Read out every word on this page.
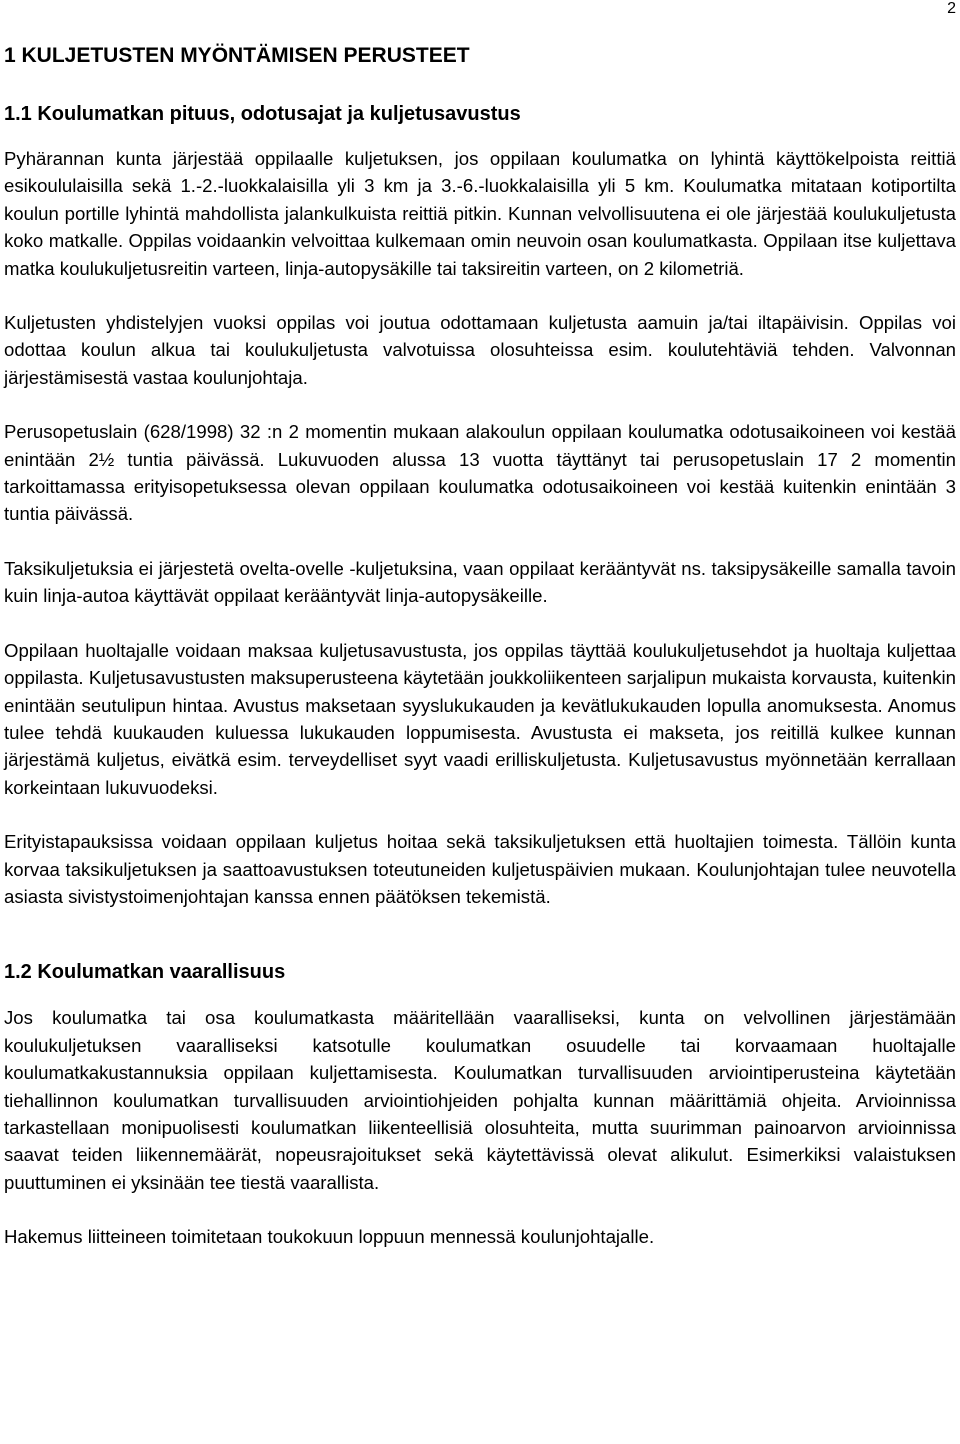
2
1 KULJETUSTEN MYÖNTÄMISEN PERUSTEET
1.1 Koulumatkan pituus, odotusajat ja kuljetusavustus

Pyhärannan kunta järjestää oppilaalle kuljetuksen, jos oppilaan koulumatka on lyhintä käyttökelpoista reittiä esikoululaisilla sekä 1.-2.-luokkalaisilla yli 3 km ja 3.-6.-luokkalaisilla yli 5 km. Koulumatka mitataan kotiportilta koulun portille lyhintä mahdollista jalankulkuista reittiä pitkin. Kunnan velvollisuutena ei ole järjestää koulukuljetusta koko matkalle. Oppilas voidaankin velvoittaa kulkemaan omin neuvoin osan koulumatkasta. Oppilaan itse kuljettava matka koulukuljetusreitin varteen, linja-autopysäkille tai taksireitin varteen, on 2 kilometriä.

Kuljetusten yhdistelyjen vuoksi oppilas voi joutua odottamaan kuljetusta aamuin ja/tai iltapäivisin. Oppilas voi odottaa koulun alkua tai koulukuljetusta valvotuissa olosuhteissa esim. koulutehtäviä tehden. Valvonnan järjestämisestä vastaa koulunjohtaja.

Perusopetuslain (628/1998) 32 :n 2 momentin mukaan alakoulun oppilaan koulumatka odotusaikoineen voi kestää enintään 2½ tuntia päivässä. Lukuvuoden alussa 13 vuotta täyttänyt tai perusopetuslain 17 2 momentin tarkoittamassa erityisopetuksessa olevan oppilaan koulumatka odotusaikoineen voi kestää kuitenkin enintään 3 tuntia päivässä.

Taksikuljetuksia ei järjestetä ovelta-ovelle -kuljetuksina, vaan oppilaat kerääntyvät ns. taksipysäkeille samalla tavoin kuin linja-autoa käyttävät oppilaat kerääntyvät linja-autopysäkeille.

Oppilaan huoltajalle voidaan maksaa kuljetusavustusta, jos oppilas täyttää koulukuljetusehdot ja huoltaja kuljettaa oppilasta. Kuljetusavustusten maksuperusteena käytetään joukkoliikenteen sarjalipun mukaista korvausta, kuitenkin enintään seutulipun hintaa. Avustus maksetaan syyslukukauden ja kevätlukukauden lopulla anomuksesta. Anomus tulee tehdä kuukauden kuluessa lukukauden loppumisesta. Avustusta ei makseta, jos reitillä kulkee kunnan järjestämä kuljetus, eivätkä esim. terveydelliset syyt vaadi erilliskuljetusta. Kuljetusavustus myönnetään kerrallaan korkeintaan lukuvuodeksi.

Erityistapauksissa voidaan oppilaan kuljetus hoitaa sekä taksikuljetuksen että huoltajien toimesta. Tällöin kunta korvaa taksikuljetuksen ja saattoavustuksen toteutuneiden kuljetuspäivien mukaan. Koulunjohtajan tulee neuvotella asiasta sivistystoimenjohtajan kanssa ennen päätöksen tekemistä.

1.2 Koulumatkan vaarallisuus

Jos koulumatka tai osa koulumatkasta määritellään vaaralliseksi, kunta on velvollinen järjestämään koulukuljetuksen vaaralliseksi katsotulle koulumatkan osuudelle tai korvaamaan huoltajalle koulumatkakustannuksia oppilaan kuljettamisesta. Koulumatkan turvallisuuden arviointiperusteina käytetään tiehallinnon koulumatkan turvallisuuden arviointiohjeiden pohjalta kunnan määrittämiä ohjeita. Arvioinnissa tarkastellaan monipuolisesti koulumatkan liikenteellisiä olosuhteita, mutta suurimman painoarvon arvioinnissa saavat teiden liikennemäärät, nopeusrajoitukset sekä käytettävissä olevat alikulut. Esimerkiksi valaistuksen puuttuminen ei yksinään tee tiestä vaarallista.

Hakemus liitteineen toimitetaan toukokuun loppuun mennessä koulunjohtajalle.
